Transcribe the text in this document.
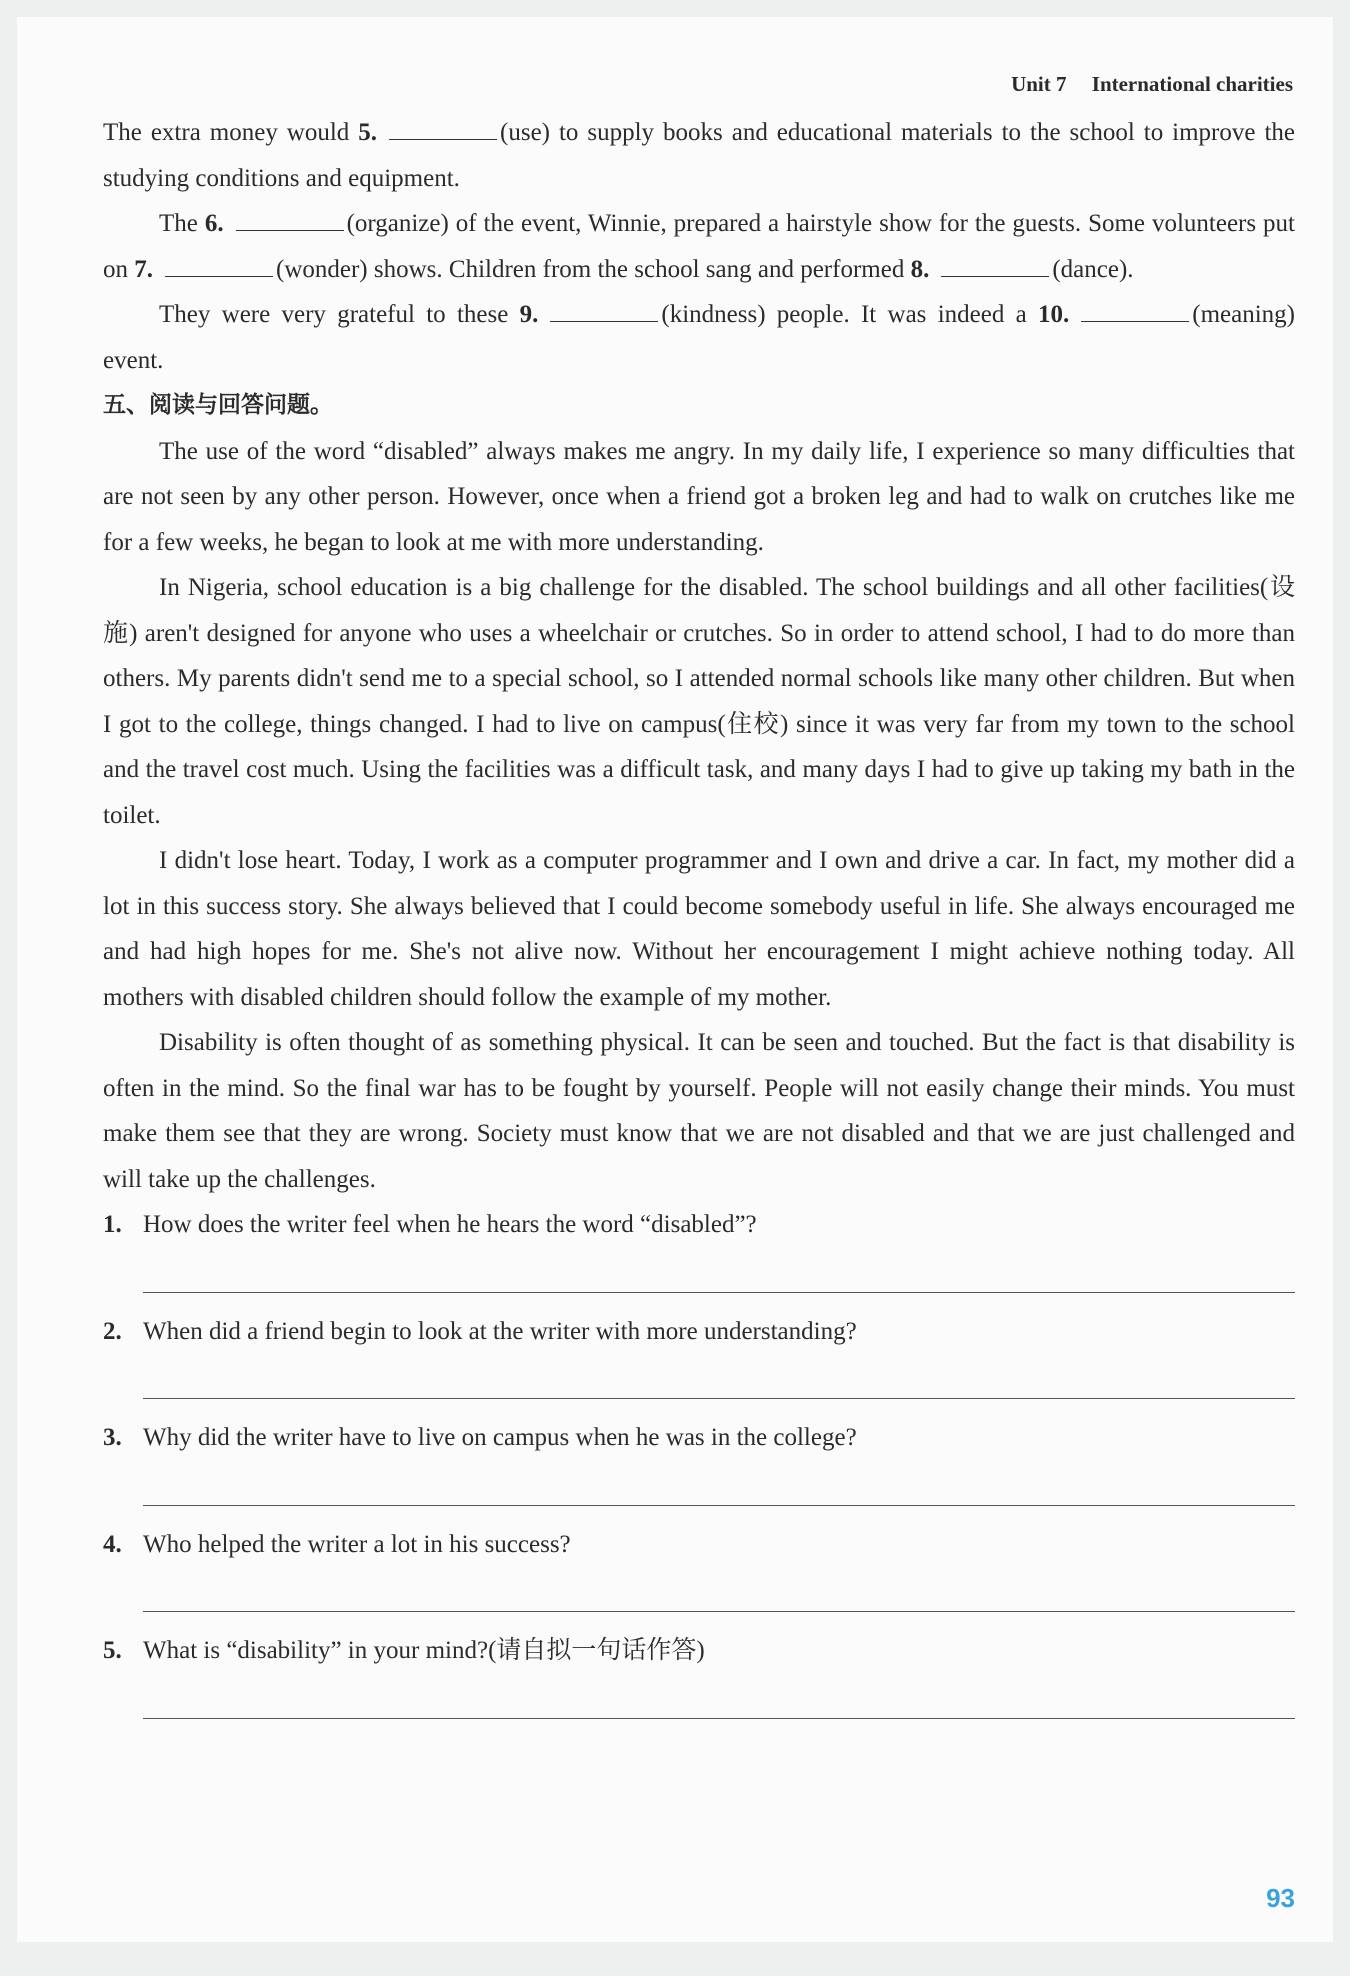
Unit 7 International charities

The extra money would 5.	(use) to supply books and educational materials to the school to improve the studying conditions and equipment.

The 6.	(organize) of the event, Winnie, prepared a hairstyle show for the guests. Some volunteers put on 7.	(wonder) shows. Children from the school sang and performed 8.	(dance).

They were very grateful to these 9.	(kindness) people. It was indeed a 10.	(meaning) event.

五、阅读与回答问题。

The use of the word “disabled” always makes me angry. In my daily life, I experience so many difficulties that are not seen by any other person. However, once when a friend got a broken leg and had to walk on crutches like me for a few weeks, he began to look at me with more understanding.

In Nigeria, school education is a big challenge for the disabled. The school buildings and all other facilities(设施) aren't designed for anyone who uses a wheelchair or crutches. So in order to attend school, I had to do more than others. My parents didn't send me to a special school, so I attended normal schools like many other children. But when I got to the college, things changed. I had to live on campus(住校) since it was very far from my town to the school and the travel cost much. Using the facilities was a difficult task, and many days I had to give up taking my bath in the toilet.

I didn't lose heart. Today, I work as a computer programmer and I own and drive a car. In fact, my mother did a lot in this success story. She always believed that I could become somebody useful in life. She always encouraged me and had high hopes for me. She's not alive now. Without her encouragement I might achieve nothing today. All mothers with disabled children should follow the example of my mother.

Disability is often thought of as something physical. It can be seen and touched. But the fact is that disability is often in the mind. So the final war has to be fought by yourself. People will not easily change their minds. You must make them see that they are wrong. Society must know that we are not disabled and that we are just challenged and will take up the challenges.

1. How does the writer feel when he hears the word “disabled”?
2. When did a friend begin to look at the writer with more understanding?
3. Why did the writer have to live on campus when he was in the college?
4. Who helped the writer a lot in his success?
5. What is “disability” in your mind?(请自拟一句话作答)
93
